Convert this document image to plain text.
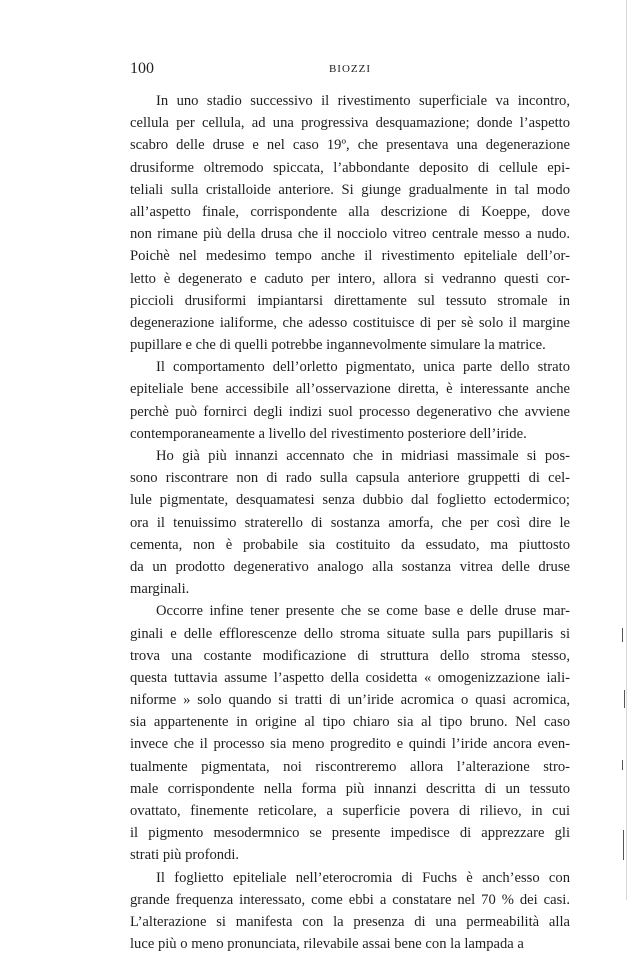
100	BIOZZI
In uno stadio successivo il rivestimento superficiale va incontro,
cellula per cellula, ad una progressiva desquamazione; donde l’aspetto
scabro delle druse e nel caso 19º, che presentava una degenerazione
drusiforme oltremodo spiccata, l’abbondante deposito di cellule epi-
teliali sulla cristalloide anteriore. Si giunge gradualmente in tal modo
all’aspetto finale, corrispondente alla descrizione di Koeppe, dove
non rimane più della drusa che il nocciolo vitreo centrale messo a nudo.
Poichè nel medesimo tempo anche il rivestimento epiteliale dell’or-
letto è degenerato e caduto per intero, allora si vedranno questi cor-
piccioli drusiformi impiantarsi direttamente sul tessuto stromale in
degenerazione ialiforme, che adesso costituisce di per sè solo il margine
pupillare e che di quelli potrebbe ingannevolmente simulare la matrice.
Il comportamento dell’orletto pigmentato, unica parte dello strato
epiteliale bene accessibile all’osservazione diretta, è interessante anche
perchè può fornirci degli indizi suol processo degenerativo che avviene
contemporaneamente a livello del rivestimento posteriore dell’iride.
Ho già più innanzi accennato che in midriasi massimale si pos-
sono riscontrare non di rado sulla capsula anteriore gruppetti di cel-
lule pigmentate, desquamatesi senza dubbio dal foglietto ectodermico;
ora il tenuissimo straterello di sostanza amorfa, che per così dire le
cementa, non è probabile sia costituito da essudato, ma piuttosto
da un prodotto degenerativo analogo alla sostanza vitrea delle druse
marginali.
Occorre infine tener presente che se come base e delle druse mar-
ginali e delle efflorescenze dello stroma situate sulla pars pupillaris si
trova una costante modificazione di struttura dello stroma stesso,
questa tuttavia assume l’aspetto della cosidetta « omogenizzazione iali-
niforme » solo quando si tratti di un’iride acromica o quasi acromica,
sia appartenente in origine al tipo chiaro sia al tipo bruno. Nel caso
invece che il processo sia meno progredito e quindi l’iride ancora even-
tualmente pigmentata, noi riscontreremo allora l’alterazione stro-
male corrispondente nella forma più innanzi descritta di un tessuto
ovattato, finemente reticolare, a superficie povera di rilievo, in cui
il pigmento mesodermnico se presente impedisce di apprezzare gli
strati più profondi.
Il foglietto epiteliale nell’eterocromia di Fuchs è anch’esso con
grande frequenza interessato, come ebbi a constatare nel 70 % dei casi.
L’alterazione si manifesta con la presenza di una permeabilità alla
luce più o meno pronunciata, rilevabile assai bene con la lampada a
